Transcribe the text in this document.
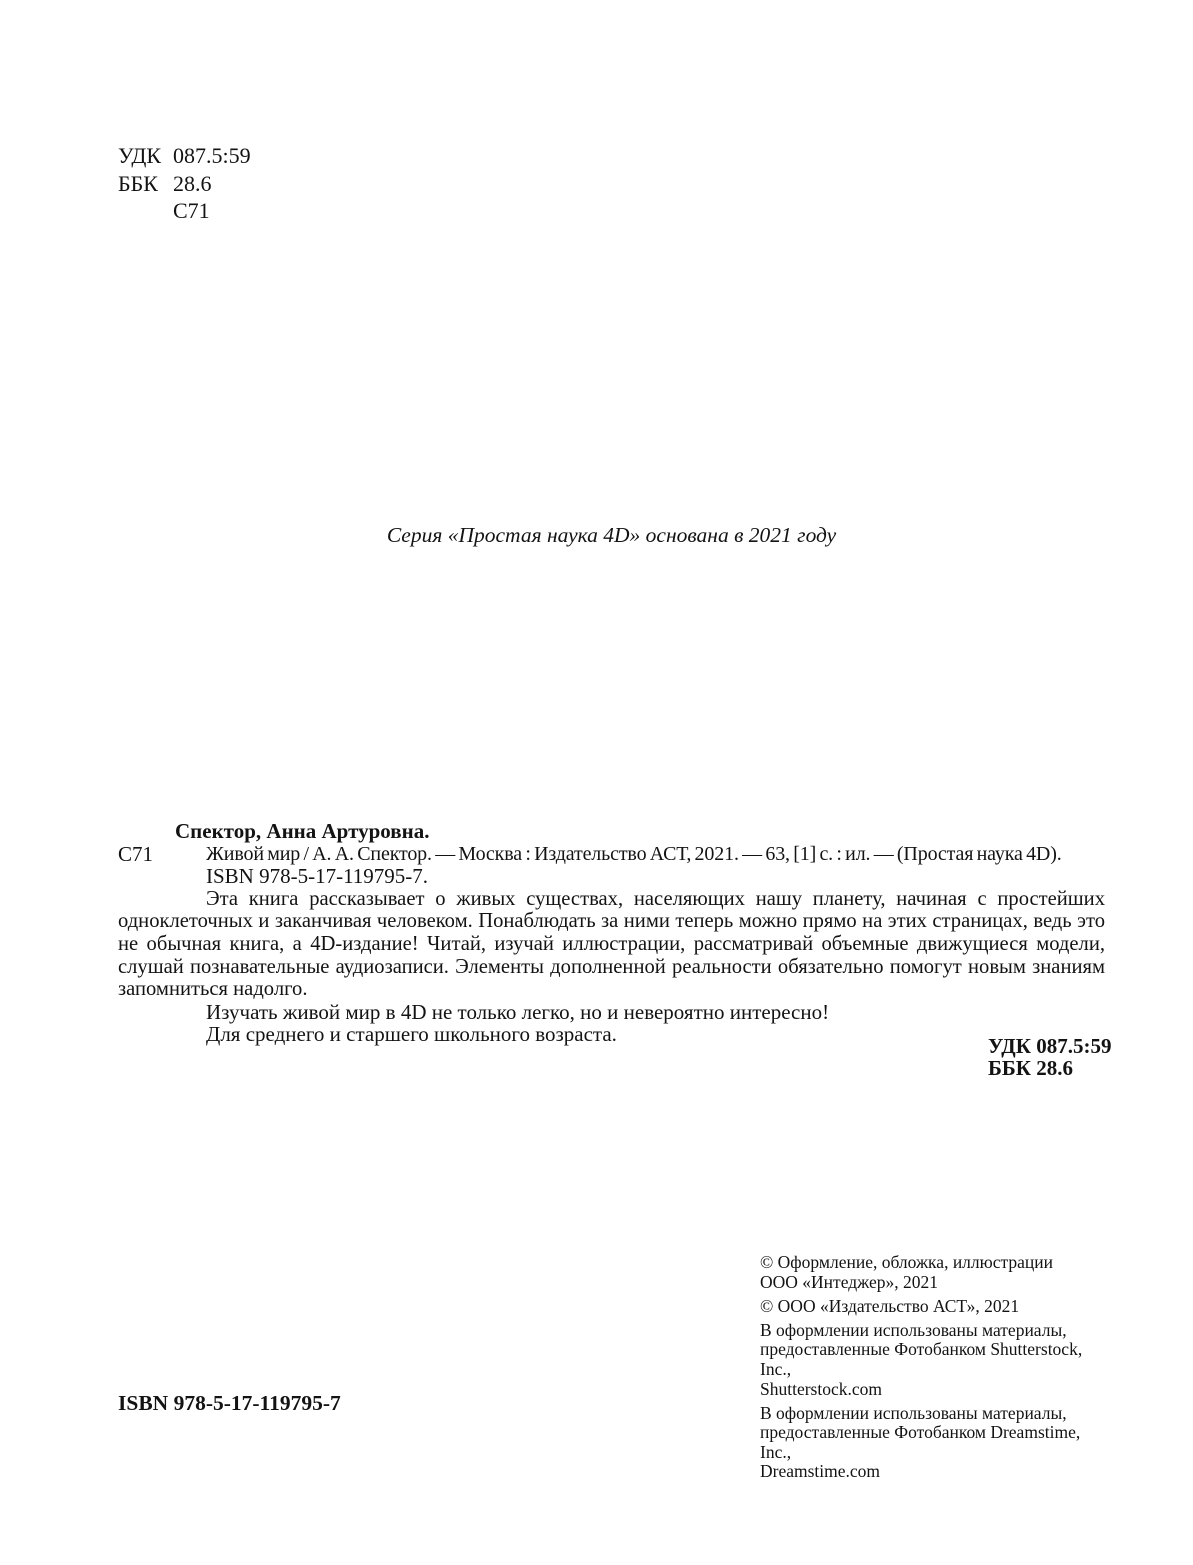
УДК 087.5:59
ББК 28.6
С71
Серия «Простая наука 4D» основана в 2021 году
Спектор, Анна Артуровна.
С71	Живой мир / А. А. Спектор. — Москва : Издательство АСТ, 2021. — 63, [1] с. : ил. — (Простая наука 4D).
ISBN 978-5-17-119795-7.

Эта книга рассказывает о живых существах, населяющих нашу планету, начиная с простейших одноклеточных и заканчивая человеком. Понаблюдать за ними теперь можно прямо на этих страницах, ведь это не обычная книга, а 4D-издание! Читай, изучай иллюстрации, рассматривай объемные движущиеся модели, слушай познавательные аудиозаписи. Элементы дополненной реальности обязательно помогут новым знаниям запомниться надолго.

Изучать живой мир в 4D не только легко, но и невероятно интересно!
Для среднего и старшего школьного возраста.	УДК 087.5:59
ББК 28.6
© Оформление, обложка, иллюстрации
ООО «Интеджер», 2021
© ООО «Издательство АСТ», 2021
В оформлении использованы материалы,
предоставленные Фотобанком Shutterstock, Inc.,
Shutterstock.com
В оформлении использованы материалы,
предоставленные Фотобанком Dreamstime, Inc.,
Dreamstime.com
ISBN 978-5-17-119795-7
